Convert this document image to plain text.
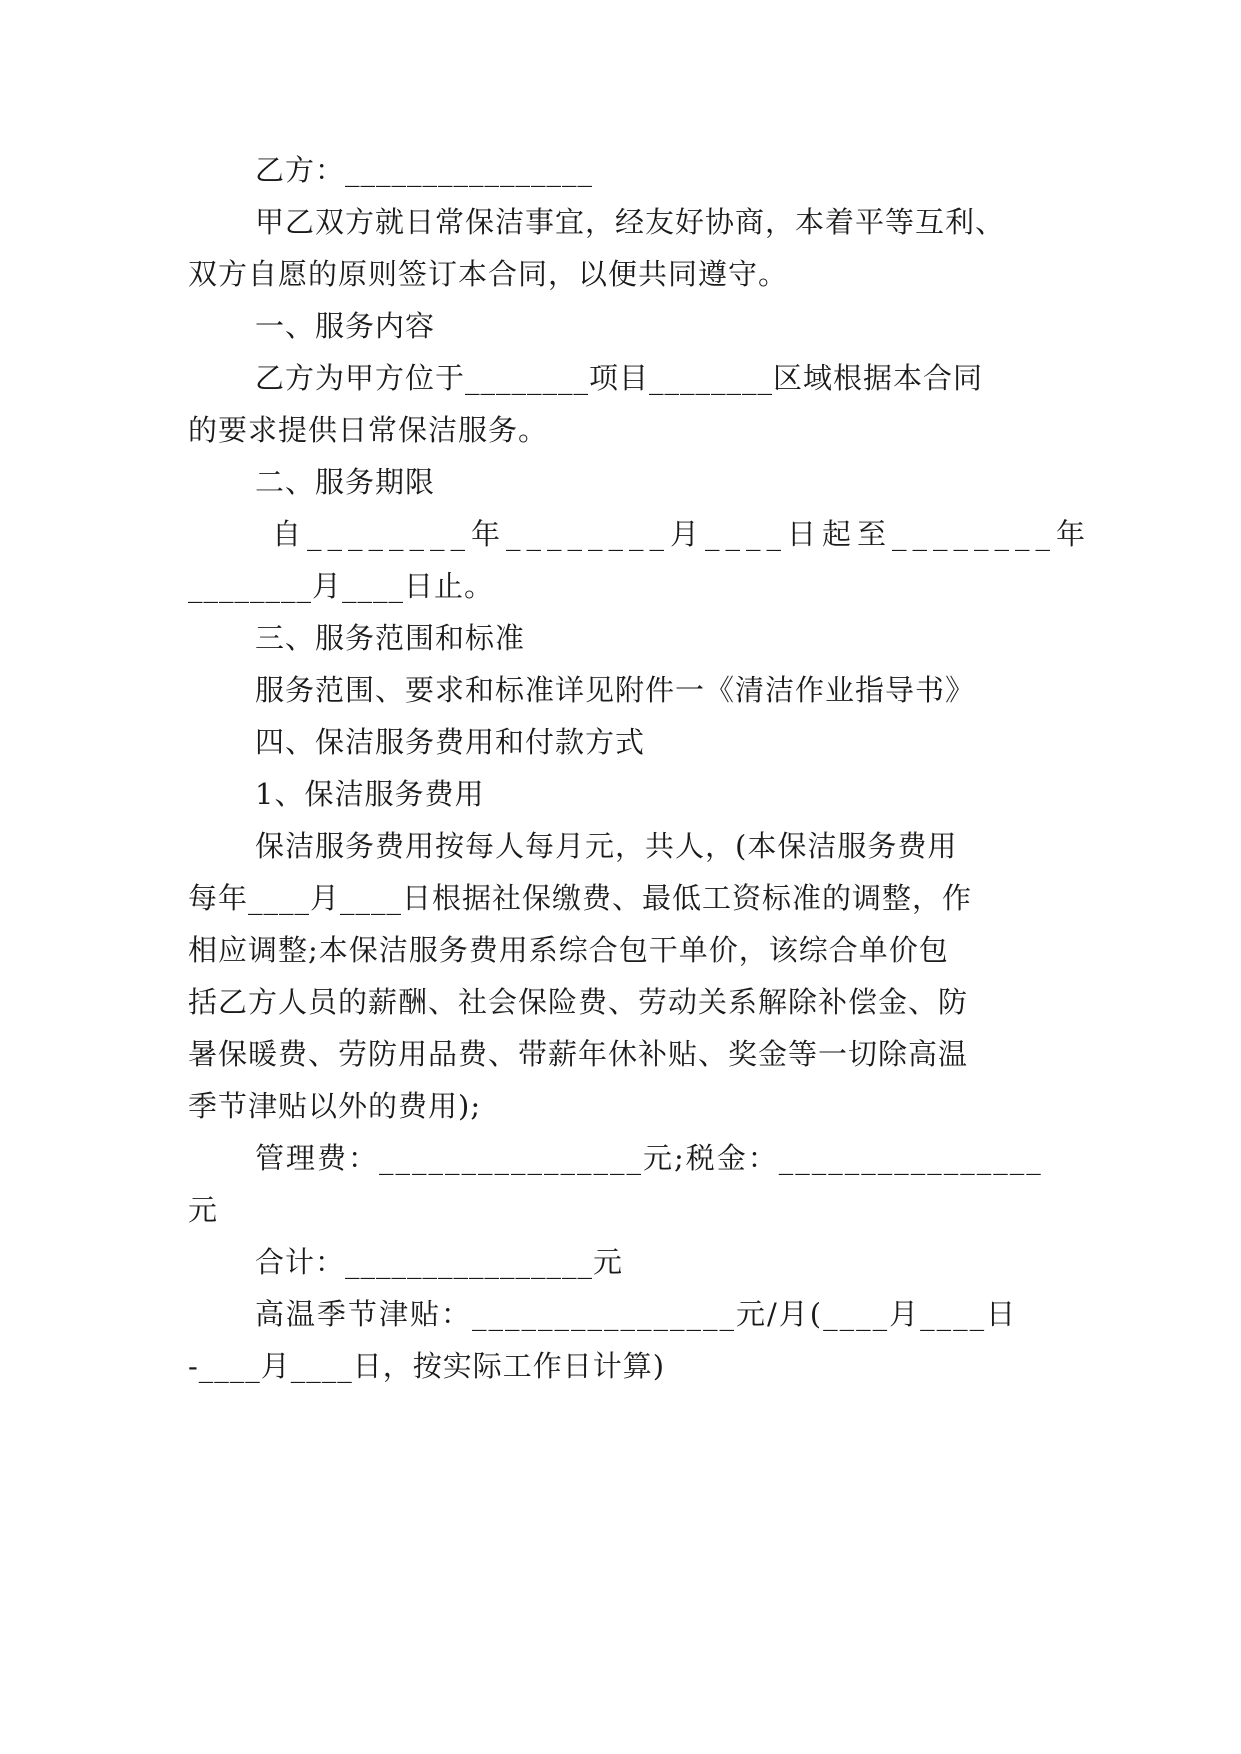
乙方：________________
甲乙双方就日常保洁事宜，经友好协商，本着平等互利、
双方自愿的原则签订本合同，以便共同遵守。
一、服务内容
乙方为甲方位于________项目________区域根据本合同
的要求提供日常保洁服务。
二、服务期限
自________年________月____日起至________年
________月____日止。
三、服务范围和标准
服务范围、要求和标准详见附件一《清洁作业指导书》
四、保洁服务费用和付款方式
1、保洁服务费用
保洁服务费用按每人每月元，共人，(本保洁服务费用
每年____月____日根据社保缴费、最低工资标准的调整，作
相应调整;本保洁服务费用系综合包干单价，该综合单价包
括乙方人员的薪酬、社会保险费、劳动关系解除补偿金、防
暑保暖费、劳防用品费、带薪年休补贴、奖金等一切除高温
季节津贴以外的费用);
管理费：________________元;税金：________________
元
合计：________________元
高温季节津贴：________________元/月(____月____日
-____月____日，按实际工作日计算)
